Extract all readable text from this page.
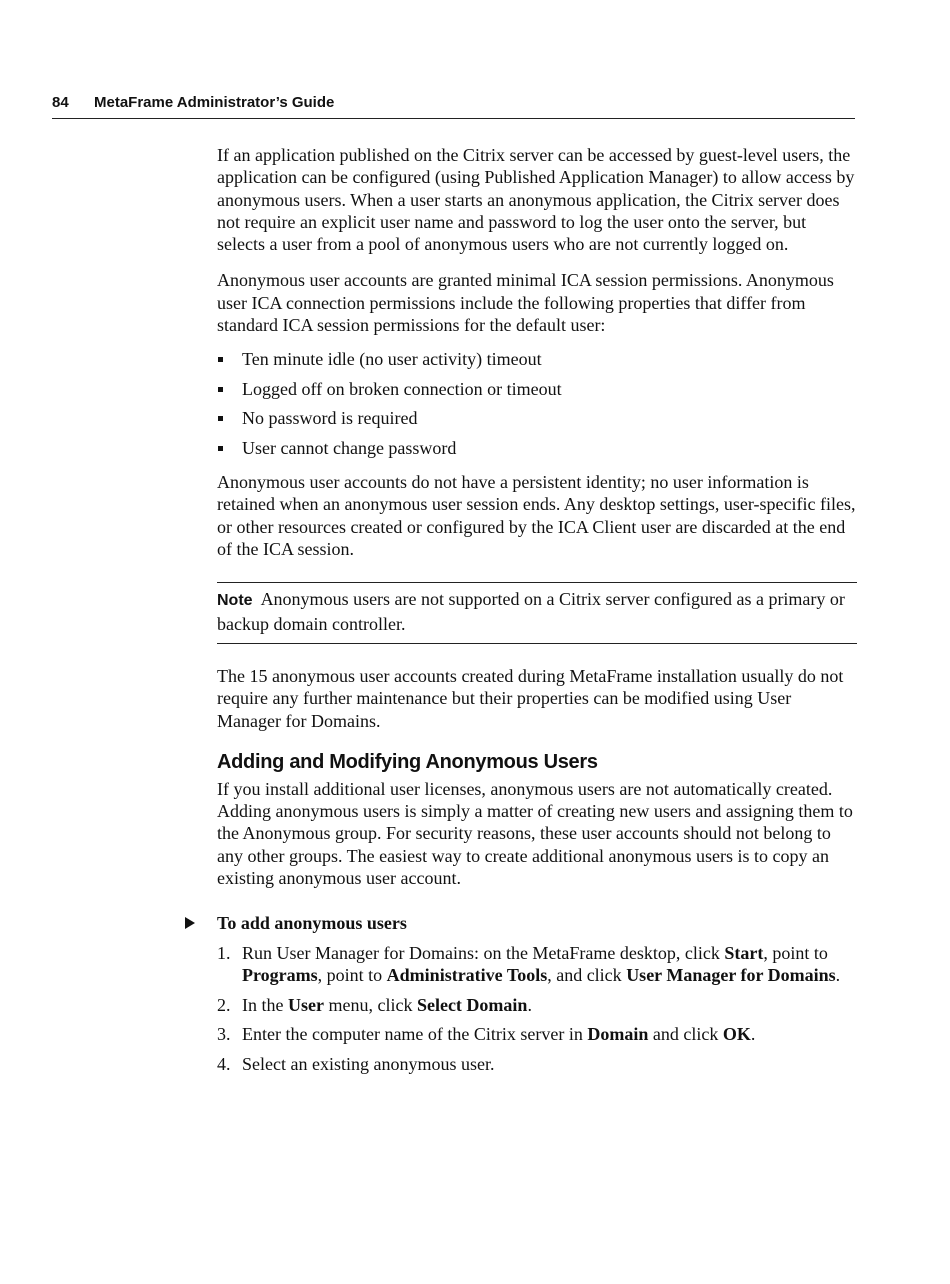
84 MetaFrame Administrator’s Guide

If an application published on the Citrix server can be accessed by guest-level users, the application can be configured (using Published Application Manager) to allow access by anonymous users. When a user starts an anonymous application, the Citrix server does not require an explicit user name and password to log the user onto the server, but selects a user from a pool of anonymous users who are not currently logged on.

Anonymous user accounts are granted minimal ICA session permissions. Anonymous user ICA connection permissions include the following properties that differ from standard ICA session permissions for the default user:

Ten minute idle (no user activity) timeout
Logged off on broken connection or timeout
No password is required
User cannot change password

Anonymous user accounts do not have a persistent identity; no user information is retained when an anonymous user session ends. Any desktop settings, user-specific files, or other resources created or configured by the ICA Client user are discarded at the end of the ICA session.

Note Anonymous users are not supported on a Citrix server configured as a primary or backup domain controller.

The 15 anonymous user accounts created during MetaFrame installation usually do not require any further maintenance but their properties can be modified using User Manager for Domains.

Adding and Modifying Anonymous Users

If you install additional user licenses, anonymous users are not automatically created. Adding anonymous users is simply a matter of creating new users and assigning them to the Anonymous group. For security reasons, these user accounts should not belong to any other groups. The easiest way to create additional anonymous users is to copy an existing anonymous user account.

To add anonymous users
1. Run User Manager for Domains: on the MetaFrame desktop, click Start, point to Programs, point to Administrative Tools, and click User Manager for Domains.
2. In the User menu, click Select Domain.
3. Enter the computer name of the Citrix server in Domain and click OK.
4. Select an existing anonymous user.
